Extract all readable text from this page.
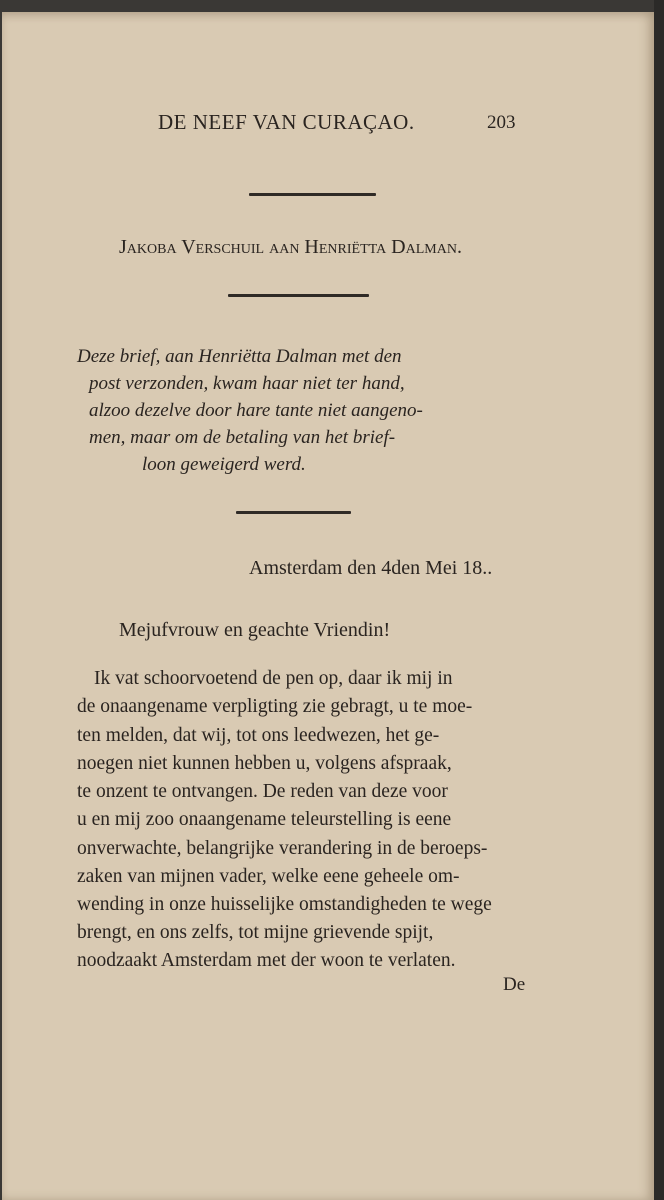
DE NEEF VAN CURAÇAO.	203
Jakoba Verschuil aan Henriëtta Dalman.
Deze brief, aan Henriëtta Dalman met den
post verzonden, kwam haar niet ter hand,
alzoo dezelve door hare tante niet aangeno-
men, maar om de betaling van het brief-
loon geweigerd werd.
Amsterdam den 4den Mei 18..
Mejufvrouw en geachte Vriendin!
Ik vat schoorvoetend de pen op, daar ik mij in
de onaangename verpligting zie gebragt, u te moe-
ten melden, dat wij, tot ons leedwezen, het ge-
noegen niet kunnen hebben u, volgens afspraak,
te onzent te ontvangen. De reden van deze voor
u en mij zoo onaangename teleurstelling is eene
onverwachte, belangrijke verandering in de beroeps-
zaken van mijnen vader, welke eene geheele om-
wending in onze huisselijke omstandigheden te wege
brengt, en ons zelfs, tot mijne grievende spijt,
noodzaakt Amsterdam met der woon te verlaten.
De
